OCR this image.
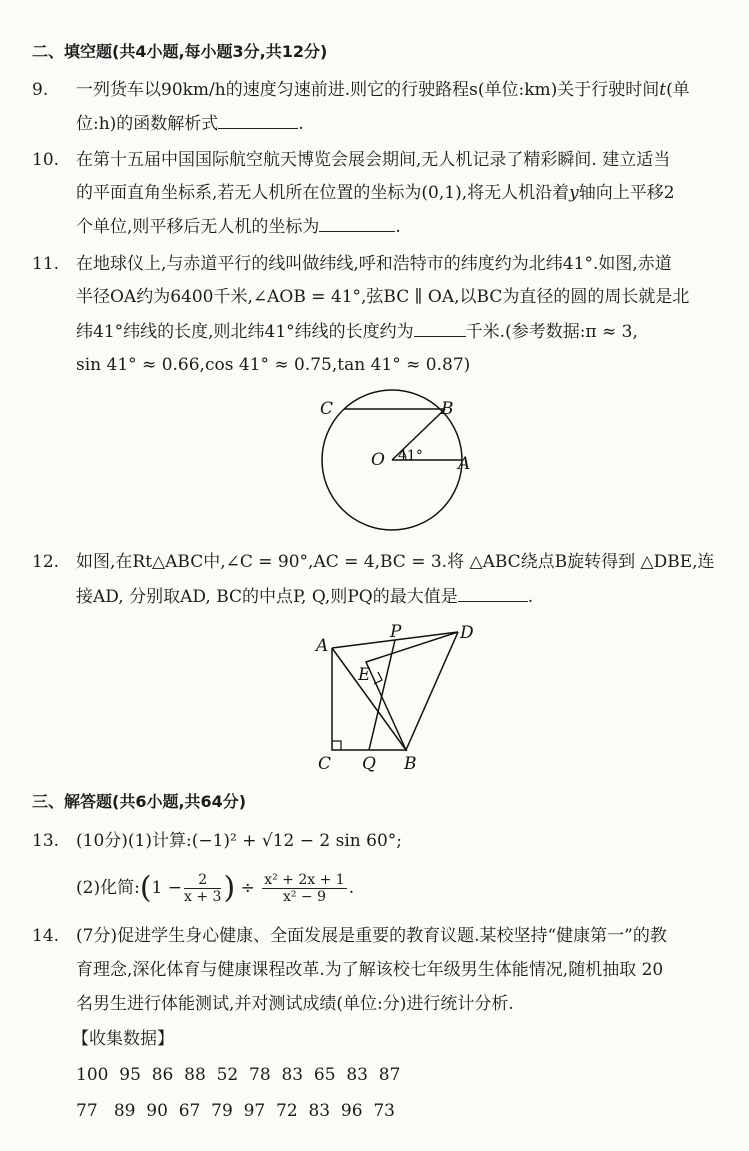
二、填空题(共4小题,每小题3分,共12分)
9. 一列货车以90km/h的速度匀速前进.则它的行驶路程s(单位:km)关于行驶时间t(单
位:h)的函数解析式	.
10. 在第十五届中国国际航空航天博览会展会期间,无人机记录了精彩瞬间. 建立适当
的平面直角坐标系,若无人机所在位置的坐标为(0,1),将无人机沿着y轴向上平移2
个单位,则平移后无人机的坐标为	.
11. 在地球仪上,与赤道平行的线叫做纬线,呼和浩特市的纬度约为北纬41°.如图,赤道
半径OA约为6400千米,∠AOB = 41°,弦BC ∥ OA,以BC为直径的圆的周长就是北
纬41°纬线的长度,则北纬41°纬线的长度约为	千米.(参考数据:π ≈ 3,
sin 41° ≈ 0.66,cos 41° ≈ 0.75,tan 41° ≈ 0.87)
C	B
O	A
41°
12. 如图,在Rt△ABC中,∠C = 90°,AC = 4,BC = 3.将 △ABC绕点B旋转得到 △DBE,连
接AD, 分别取AD, BC的中点P, Q,则PQ的最大值是	.
A
P	D
E
C Q B
三、解答题(共6小题,共64分)
13. (10分)(1)计算:(−1)² + √12 − 2 sin 60°;
(2)化简:(1 − $\frac{2}{x + 3}$ ) ÷ $\frac{\text{x² + 2x + 1}}{\text{x² − 9}}$ .
14. (7分)促进学生身心健康、全面发展是重要的教育议题.某校坚持“健康第一”的教
育理念,深化体育与健康课程改革.为了解该校七年级男生体能情况,随机抽取 20
名男生进行体能测试,并对测试成绩(单位:分)进行统计分析.
【收集数据】
100  95  86  88  52  78  83  65  83  87
77   89  90  67  79  97  72  83  96  73
